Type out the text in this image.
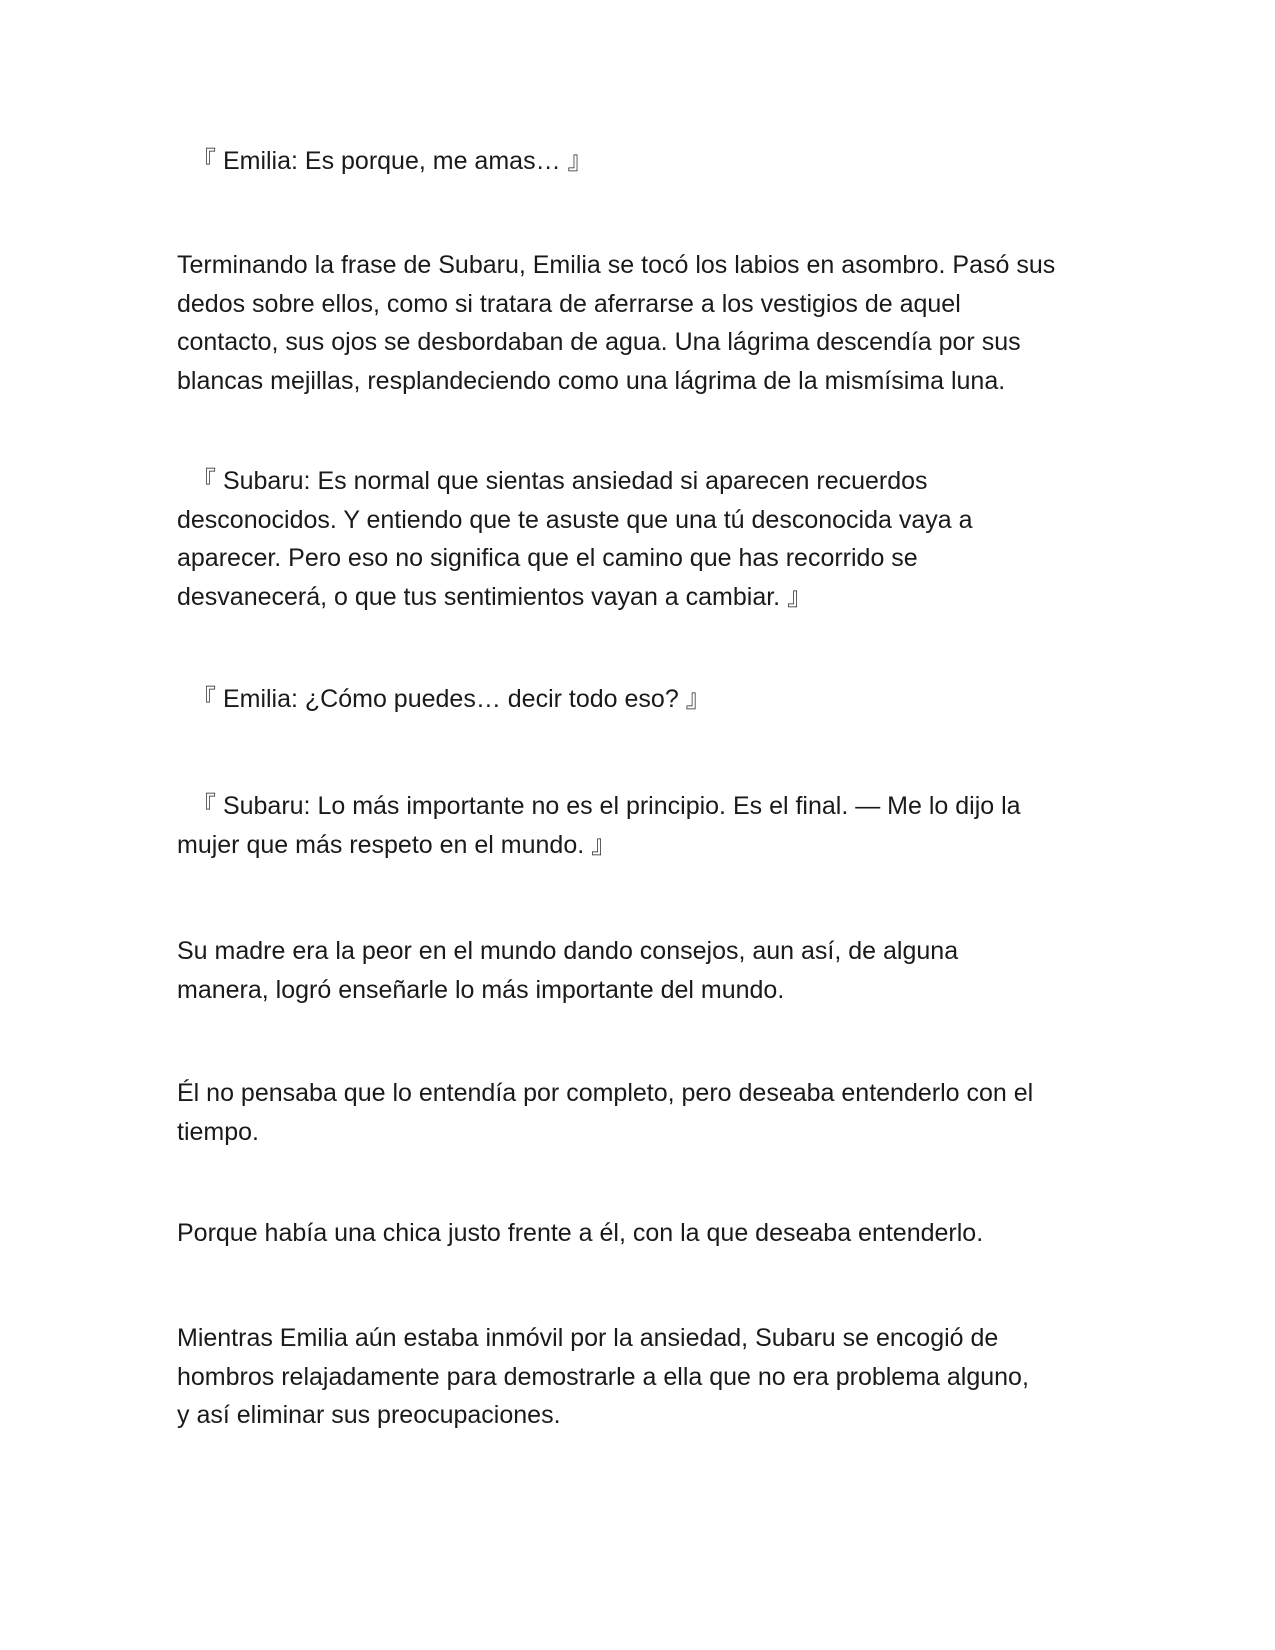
『 Emilia: Es porque, me amas… 』

Terminando la frase de Subaru, Emilia se tocó los labios en asombro. Pasó sus
dedos sobre ellos, como si tratara de aferrarse a los vestigios de aquel
contacto, sus ojos se desbordaban de agua. Una lágrima descendía por sus
blancas mejillas, resplandeciendo como una lágrima de la mismísima luna.

『 Subaru: Es normal que sientas ansiedad si aparecen recuerdos
desconocidos. Y entiendo que te asuste que una tú desconocida vaya a
aparecer. Pero eso no significa que el camino que has recorrido se
desvanecerá, o que tus sentimientos vayan a cambiar. 』

『 Emilia: ¿Cómo puedes… decir todo eso? 』

『 Subaru: Lo más importante no es el principio. Es el final. — Me lo dijo la
mujer que más respeto en el mundo. 』

Su madre era la peor en el mundo dando consejos, aun así, de alguna
manera, logró enseñarle lo más importante del mundo.

Él no pensaba que lo entendía por completo, pero deseaba entenderlo con el
tiempo.

Porque había una chica justo frente a él, con la que deseaba entenderlo.

Mientras Emilia aún estaba inmóvil por la ansiedad, Subaru se encogió de
hombros relajadamente para demostrarle a ella que no era problema alguno,
y así eliminar sus preocupaciones.
